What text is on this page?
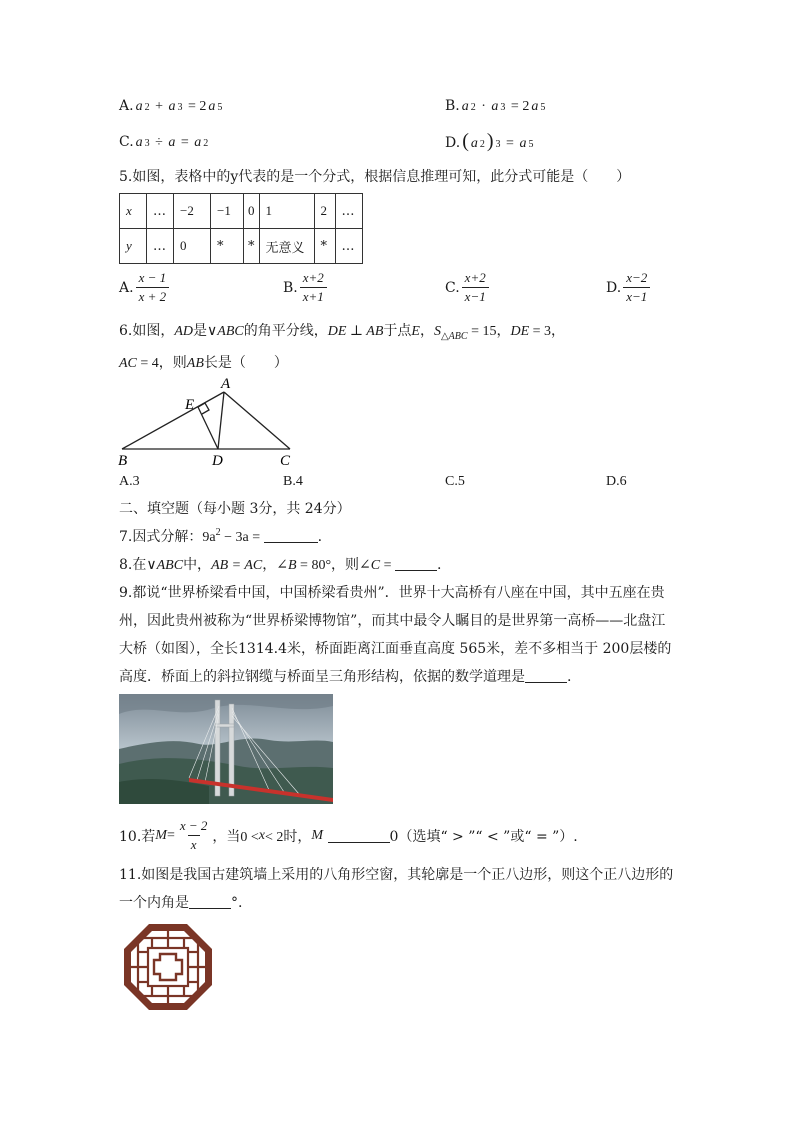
A. a 2 + a 3 = 2 a 5	B. a 2 · a 3 = 2 a 5
C. a 3 ÷ a = a 2	D. ( a 2 ) 3 = a 5
5.如图，表格中的y代表的是一个分式，根据信息推理可知，此分式可能是（　　）
x	…	−2	−1	0	1	2	…
y	…	0	*	*	无意义	*	…
A. $\frac{x - 1}{x + 2}$	B. $\frac{x+2}{x+1}$	C. $\frac{x+2}{x-1}$	D. $\frac{x-2}{x-1}$
6.如图，AD是∨ABC的角平分线，DE ⊥ AB于点E，$S_{\triangle ABC} = 15$，DE = 3，
AC = 4，则AB长是（　　）
A
E
B	D	C
A.3	B.4	C.5	D.6
二、填空题（每小题 3分，共 24分）
7.因式分解：$9a^2 - 3a$ =	.
8.在∨ABC中，AB = AC，∠B = 80°，则∠C =	.
9.都说“世界桥梁看中国，中国桥梁看贵州”．世界十大高桥有八座在中国，其中五座在贵
州，因此贵州被称为“世界桥梁博物馆”，而其中最令人瞩目的是世界第一高桥——北盘江
大桥（如图），全长1314.4米，桥面距离江面垂直高度 565米，差不多相当于 200层楼的
高度．桥面上的斜拉钢缆与桥面呈三角形结构，依据的数学道理是	.
10.若 $M = \frac{x - 2}{x}$ ，当0 < x < 2时， M
	0（选填“ > ”“ < ”或“ = ”）.
11.如图是我国古建筑墙上采用的八角形空窗，其轮廓是一个正八边形，则这个正八边形的
一个内角是	°.
